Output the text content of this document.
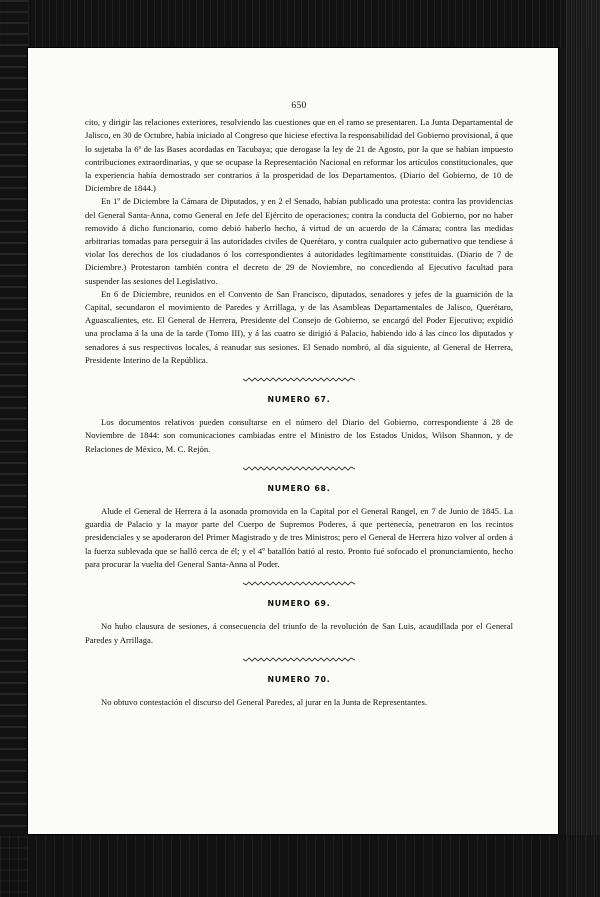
650

cito, y dirigir las relaciones exteriores, resolviendo las cuestiones que en el ramo se presentaren. La Junta Departamental de Jalisco, en 30 de Octubre, había iniciado al Congreso que hiciese efectiva la responsabilidad del Gobierno provisional, á que lo sujetaba la 6ª de las Bases acordadas en Tacubaya; que derogase la ley de 21 de Agosto, por la que se habían impuesto contribuciones extraordinarias, y que se ocupase la Representación Nacional en reformar los artículos constitucionales, que la experiencia había demostrado ser contrarios á la prosperidad de los Departamentos. (Diario del Gobierno, de 10 de Diciembre de 1844.)

En 1º de Diciembre la Cámara de Diputados, y en 2 el Senado, habían publicado una protesta: contra las providencias del General Santa-Anna, como General en Jefe del Ejército de operaciones; contra la conducta del Gobierno, por no haber removido á dicho funcionario, como debió haberlo hecho, á virtud de un acuerdo de la Cámara; contra las medidas arbitrarias tomadas para perseguir á las autoridades civiles de Querétaro, y contra cualquier acto gubernativo que tendiese á violar los derechos de los ciudadanos ó los correspondientes á autoridades legítimamente constituidas. (Diario de 7 de Diciembre.) Protestaron también contra el decreto de 29 de Noviembre, no concediendo al Ejecutivo facultad para suspender las sesiones del Legislativo.

En 6 de Diciembre, reunidos en el Convento de San Francisco, diputados, senadores y jefes de la guarnición de la Capital, secundaron el movimiento de Paredes y Arrillaga, y de las Asambleas Departamentales de Jalisco, Querétaro, Aguascalientes, etc. El General de Herrera, Presidente del Consejo de Gobierno, se encargó del Poder Ejecutivo; expidió una proclama á la una de la tarde (Tomo III), y á las cuatro se dirigió á Palacio, habiendo ido á las cinco los diputados y senadores á sus respectivos locales, á reanudar sus sesiones. El Senado nombró, al día siguiente, al General de Herrera, Presidente Interino de la República.

NUMERO 67.

Los documentos relativos pueden consultarse en el número del Diario del Gobierno, correspondiente á 28 de Noviembre de 1844: son comunicaciones cambiadas entre el Ministro de los Estados Unidos, Wilson Shannon, y de Relaciones de México, M. C. Rejón.

NUMERO 68.

Alude el General de Herrera á la asonada promovida en la Capital por el General Rangel, en 7 de Junio de 1845. La guardia de Palacio y la mayor parte del Cuerpo de Supremos Poderes, á que pertenecía, penetraron en los recintos presidenciales y se apoderaron del Primer Magistrado y de tres Ministros; pero el General de Herrera hizo volver al orden á la fuerza sublevada que se halló cerca de él; y el 4º batallón batió al resto. Pronto fué sofocado el pronunciamiento, hecho para procurar la vuelta del General Santa-Anna al Poder.

NUMERO 69.

No hubo clausura de sesiones, á consecuencia del triunfo de la revolución de San Luis, acaudillada por el General Paredes y Arrillaga.

NUMERO 70.

No obtuvo contestación el discurso del General Paredes, al jurar en la Junta de Representantes.
